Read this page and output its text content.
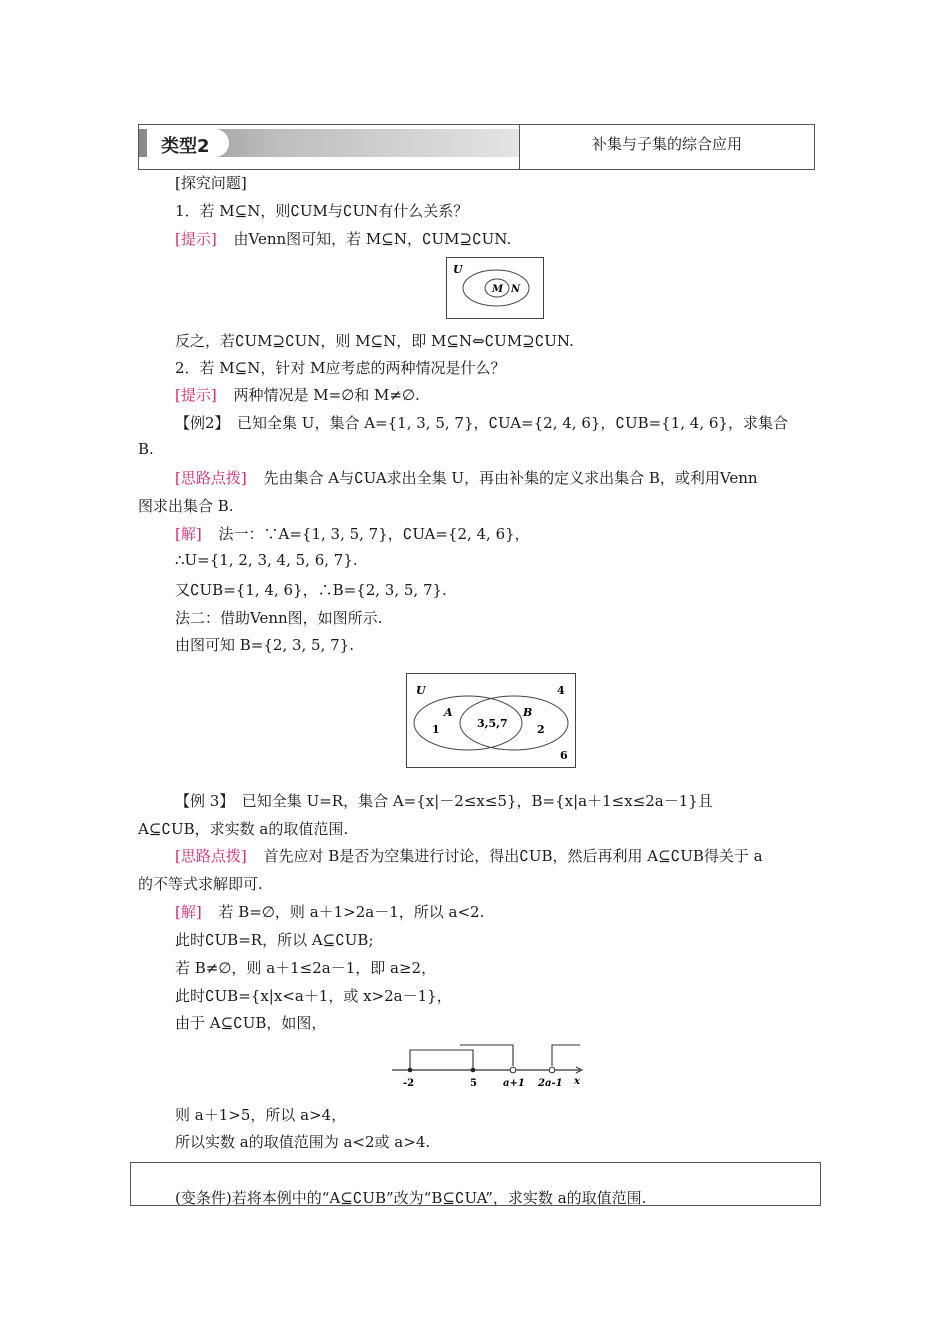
类型2	补集与子集的综合应用
[探究问题]
1．若 M⊆N，则∁UM与∁UN有什么关系？
[提示] 由Venn图可知，若 M⊆N，∁UM⊇∁UN.
U
M N
反之，若∁UM⊇∁UN，则 M⊆N，即 M⊆N⇔∁UM⊇∁UN.
2．若 M⊆N，针对 M应考虑的两种情况是什么？
[提示] 两种情况是 M=∅和 M≠∅.
【例2】　已知全集 U，集合 A={1, 3, 5, 7}，∁UA={2, 4, 6}，∁UB={1, 4, 6}，求集合
B.
[思路点拨] 先由集合 A与∁UA求出全集 U，再由补集的定义求出集合 B，或利用Venn
图求出集合 B.
[解] 法一：∵A={1, 3, 5, 7}，∁UA={2, 4, 6}，
∴U={1, 2, 3, 4, 5, 6, 7}.
又∁UB={1, 4, 6}，∴B={2, 3, 5, 7}.
法二：借助Venn图，如图所示.
由图可知 B={2, 3, 5, 7}.
U
A	B
3,5,7
1	2
4
6
【例 3】　已知全集 U=R，集合 A={x|－2≤x≤5}，B={x|a＋1≤x≤2a－1}且
A⊆∁UB，求实数 a的取值范围.
[思路点拨] 首先应对 B是否为空集进行讨论，得出∁UB，然后再利用 A⊆∁UB得关于 a
的不等式求解即可.
[解] 若 B=∅，则 a＋1>2a－1，所以 a<2.
此时∁UB=R，所以 A⊆∁UB;
若 B≠∅，则 a＋1≤2a－1，即 a≥2，
此时∁UB={x|x<a＋1，或 x>2a－1}，
由于 A⊆∁UB，如图，
-2	5	a+1 2a-1 x
则 a＋1>5，所以 a>4，
所以实数 a的取值范围为 a<2或 a>4.
(变条件)若将本例中的“A⊆∁UB”改为“B⊆∁UA”，求实数 a的取值范围.
